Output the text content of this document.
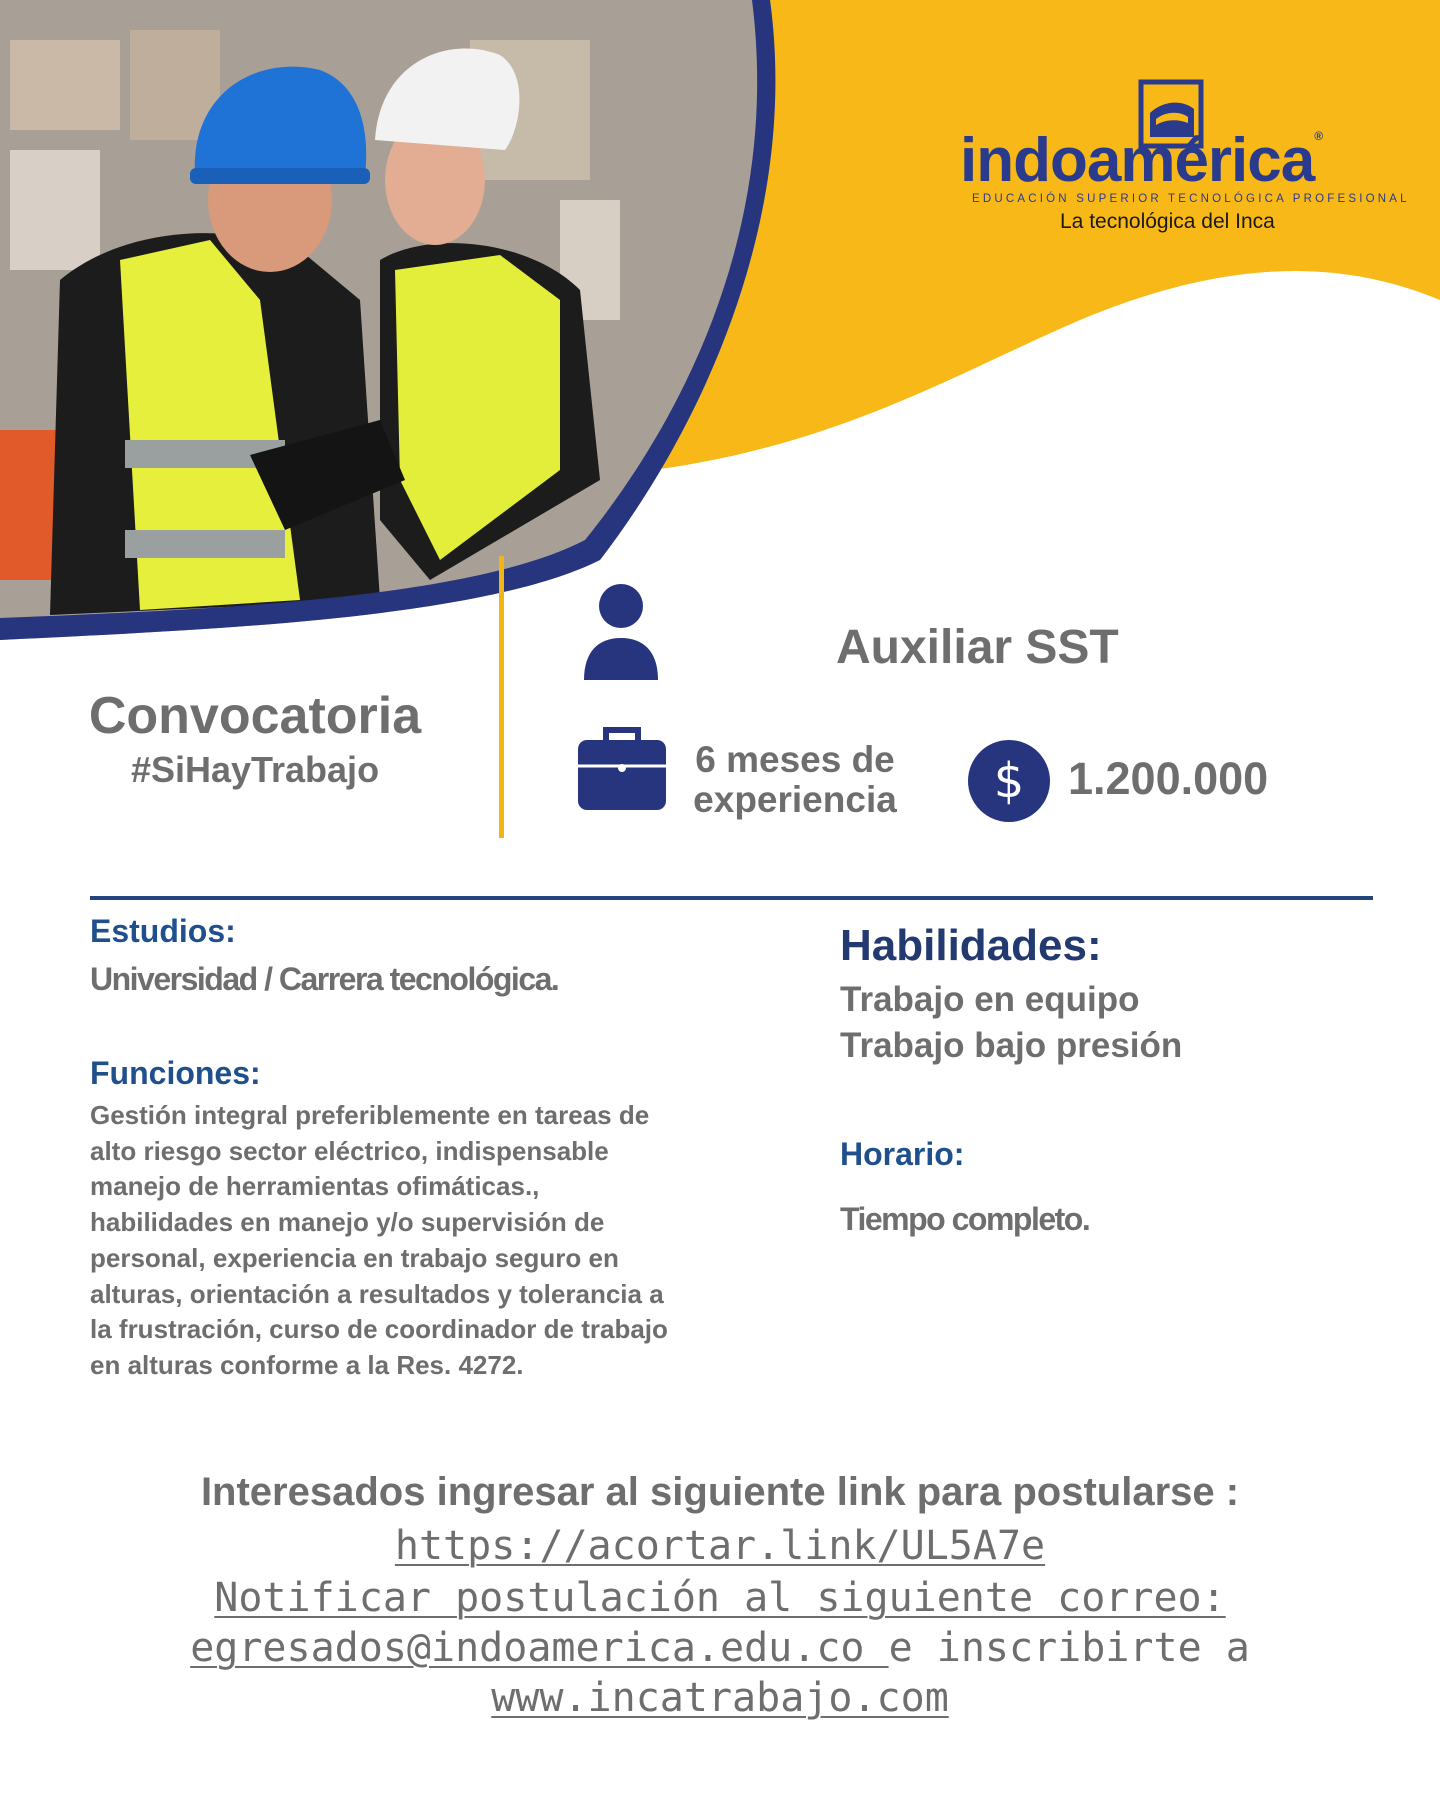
indoamérica®
EDUCACIÓN SUPERIOR TECNOLÓGICA PROFESIONAL
La tecnológica del Inca
Convocatoria
#SiHayTrabajo
Auxiliar SST
6 meses de experiencia	$ 1.200.000
Estudios:
Universidad / Carrera tecnológica.
Funciones:
Gestión integral preferiblemente en tareas de alto riesgo sector eléctrico, indispensable manejo de herramientas ofimáticas., habilidades en manejo y/o supervisión de personal, experiencia en trabajo seguro en alturas, orientación a resultados y tolerancia a la frustración, curso de coordinador de trabajo en alturas conforme a la Res. 4272.
Habilidades:
Trabajo en equipo
Trabajo bajo presión
Horario:
Tiempo completo.
Interesados ingresar al siguiente link para postularse :
https://acortar.link/UL5A7e
Notificar postulación al siguiente correo:
egresados@indoamerica.edu.co e inscribirte a
www.incatrabajo.com
